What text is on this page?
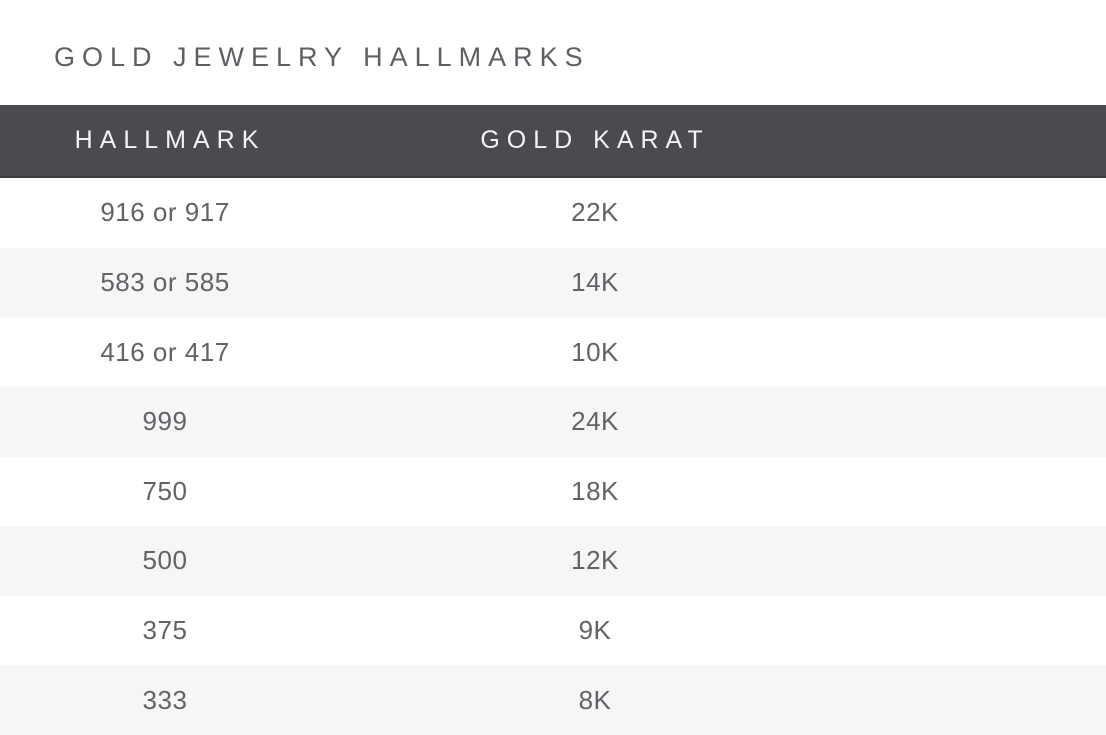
GOLD JEWELRY HALLMARKS
HALLMARK	GOLD KARAT
916 or 917	22K
583 or 585	14K
416 or 417	10K
999	24K
750	18K
500	12K
375	9K
333	8K
